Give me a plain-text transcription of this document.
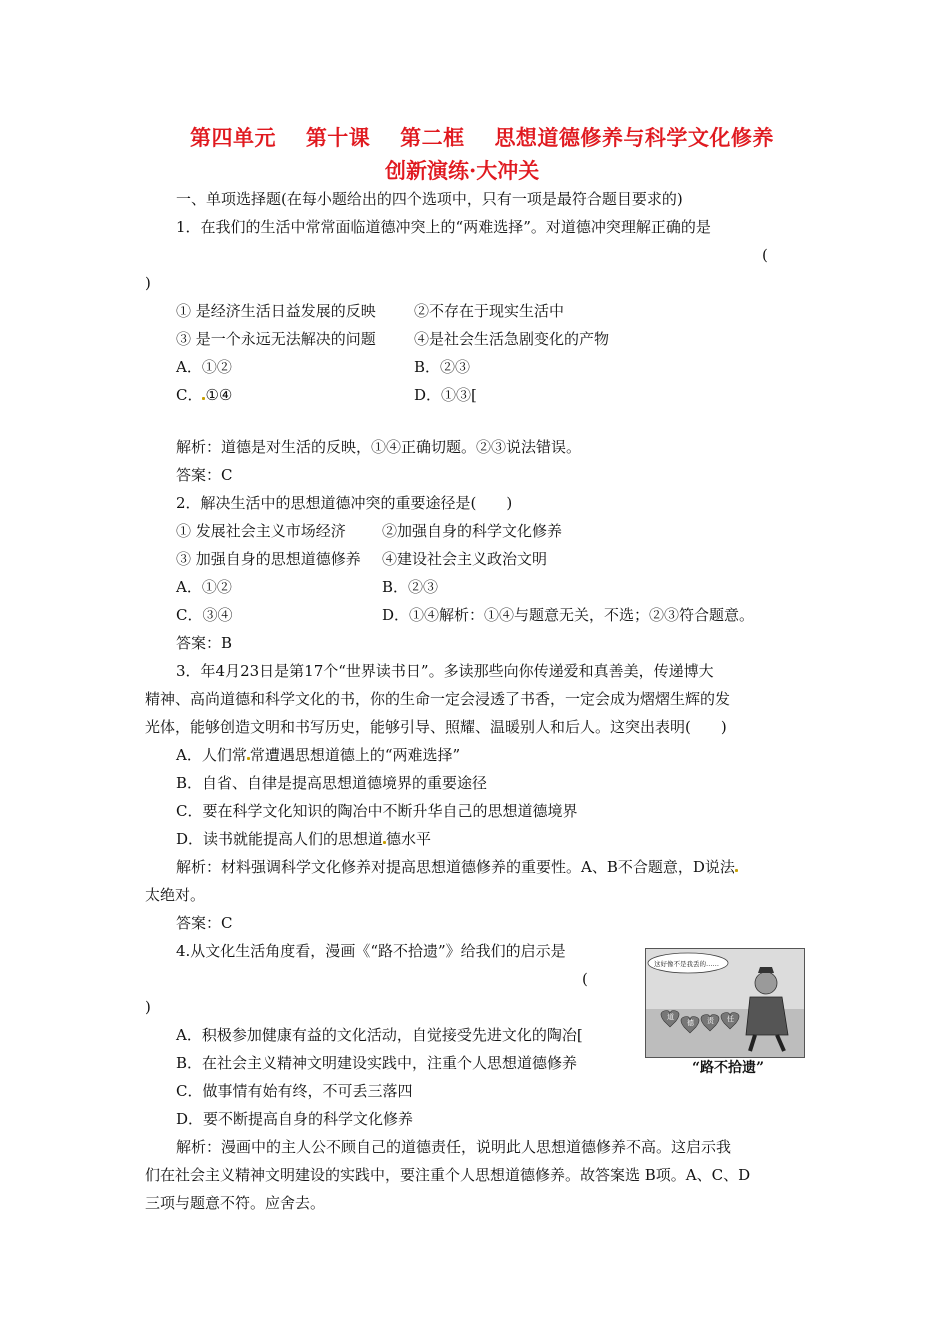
第四单元 第十课 第二框 思想道德修养与科学文化修养
创新演练·大冲关
一、单项选择题(在每小题给出的四个选项中，只有一项是最符合题目要求的)
1．在我们的生活中常常面临道德冲突上的“两难选择”。对道德冲突理解正确的是
(
)
① 是经济生活日益发展的反映	②不存在于现实生活中
③ 是一个永远无法解决的问题	④是社会生活急剧变化的产物
A．①②	B．②③
C． ①④	D．①③[
解析：道德是对生活的反映，①④正确切题。②③说法错误。
答案：C
2．解决生活中的思想道德冲突的重要途径是(　　)
① 发展社会主义市场经济 ②加强自身的科学文化修养
③ 加强自身的思想道德修养 ④建设社会主义政治文明
A．①②	B．②③
C．③④	D．①④解析：①④与题意无关，不选；②③符合题意。
答案：B
3．年4月23日是第17个“世界读书日”。多读那些向你传递爱和真善美，传递博大
精神、高尚道德和科学文化的书，你的生命一定会浸透了书香，一定会成为熠熠生辉的发
光体，能够创造文明和书写历史，能够引导、照耀、温暖别人和后人。这突出表明(　　)
A．人们常 常遭遇思想道德上的“两难选择”
B．自省、自律是提高思想道德境界的重要途径
C．要在科学文化知识的陶冶中不断升华自己的思想道德境界
D．读书就能提高人们的思想道 德水平
解析：材料强调科学文化修养对提高思想道德修养的重要性。A、B不合题意，D说法
太绝对。
答案：C
4.从文化生活角度看，漫画《“路不拾遗”》给我们的启示是
(
)
A．积极参加健康有益的文化活动，自觉接受先进文化的陶冶[
B．在社会主义精神文明建设实践中，注重个人思想道德修养
C．做事情有始有终，不可丢三落四
D．要不断提高自身的科学文化修养
解析：漫画中的主人公不顾自己的道德责任，说明此人思想道德修养不高。这启示我
们在社会主义精神文明建设的实践中，要注重个人思想道德修养。故答案选 B项。A、C、D
三项与题意不符。应舍去。
这好像不是我丢的……
道
德 责 任
“路不拾遗”
